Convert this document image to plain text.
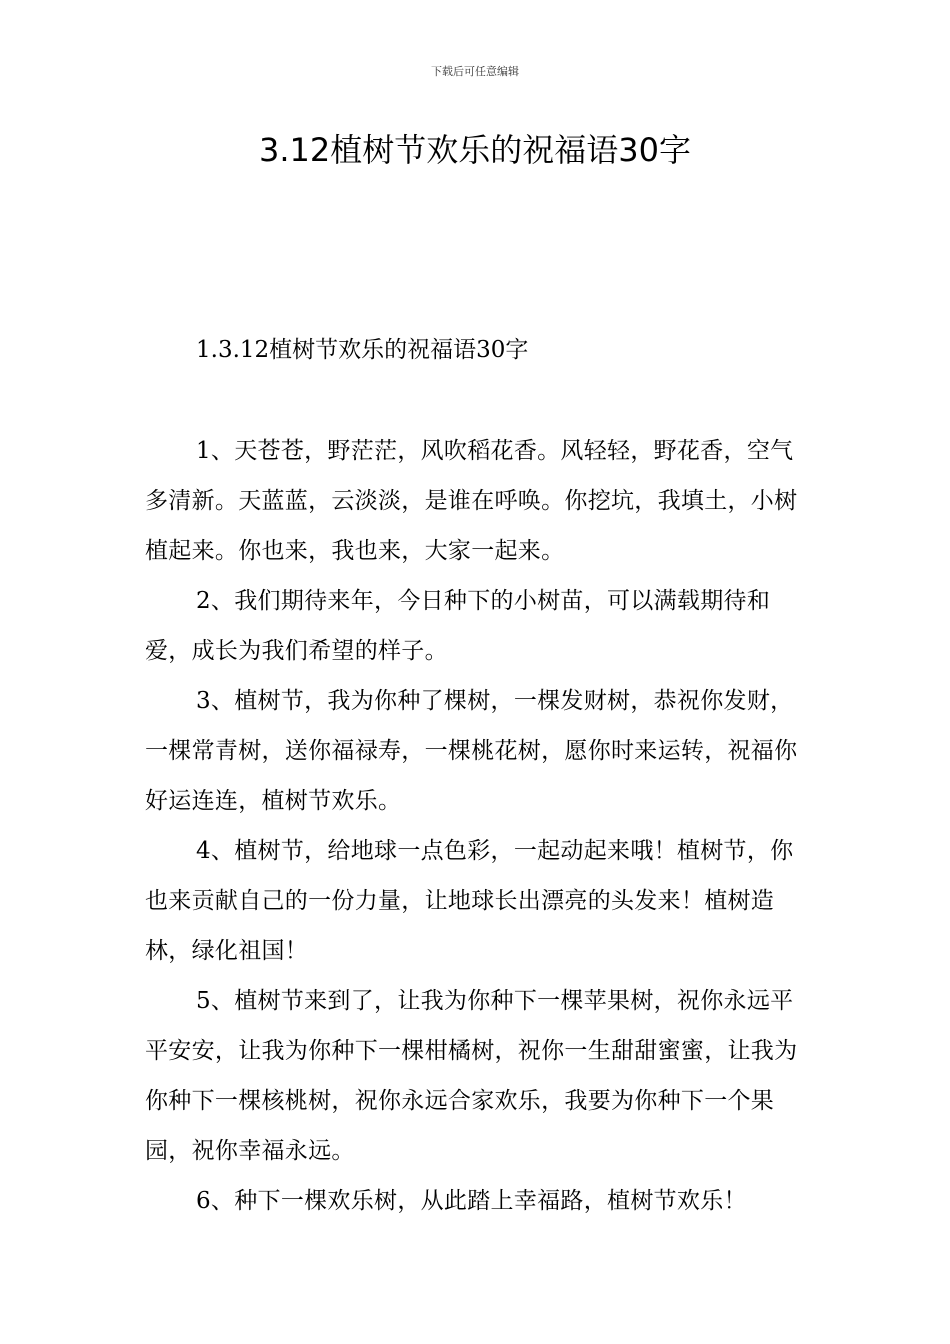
下载后可任意编辑
3.12植树节欢乐的祝福语30字

1.3.12植树节欢乐的祝福语30字

1、天苍苍，野茫茫，风吹稻花香。风轻轻，野花香，空气多清新。天蓝蓝，云淡淡，是谁在呼唤。你挖坑，我填土，小树植起来。你也来，我也来，大家一起来。

2、我们期待来年，今日种下的小树苗，可以满载期待和爱，成长为我们希望的样子。

3、植树节，我为你种了棵树，一棵发财树，恭祝你发财，一棵常青树，送你福禄寿，一棵桃花树，愿你时来运转，祝福你好运连连，植树节欢乐。

4、植树节，给地球一点色彩，一起动起来哦！植树节，你也来贡献自己的一份力量，让地球长出漂亮的头发来！植树造林，绿化祖国！

5、植树节来到了，让我为你种下一棵苹果树，祝你永远平平安安，让我为你种下一棵柑橘树，祝你一生甜甜蜜蜜，让我为你种下一棵核桃树，祝你永远合家欢乐，我要为你种下一个果园，祝你幸福永远。

6、种下一棵欢乐树，从此踏上幸福路，植树节欢乐！
